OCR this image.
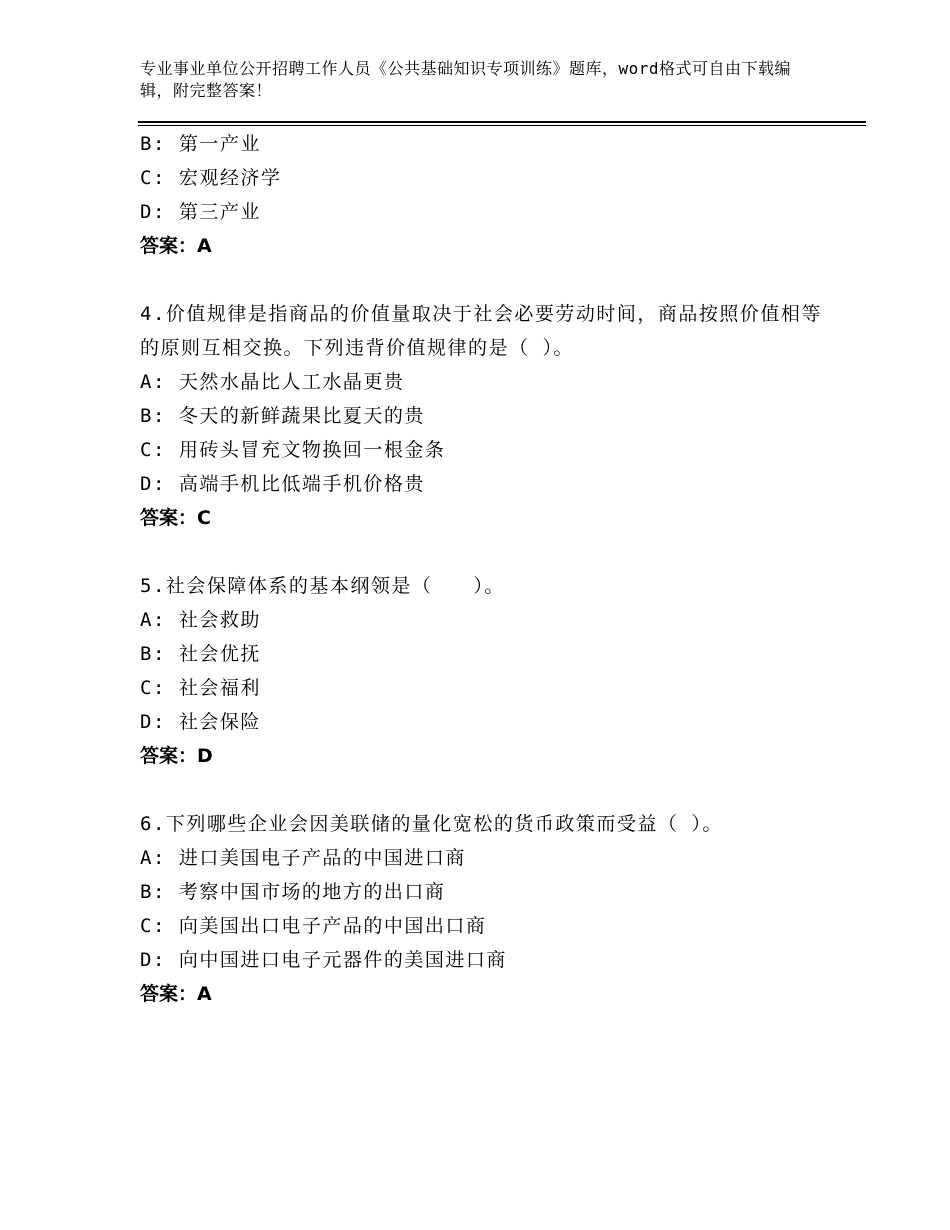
专业事业单位公开招聘工作人员《公共基础知识专项训练》题库，word格式可自由下载编辑，附完整答案！
B: 第一产业
C: 宏观经济学
D: 第三产业
答案：A
4.价值规律是指商品的价值量取决于社会必要劳动时间，商品按照价值相等的原则互相交换。下列违背价值规律的是（ ）。
A: 天然水晶比人工水晶更贵
B: 冬天的新鲜蔬果比夏天的贵
C: 用砖头冒充文物换回一根金条
D: 高端手机比低端手机价格贵
答案：C
5.社会保障体系的基本纲领是（　　）。
A: 社会救助
B: 社会优抚
C: 社会福利
D: 社会保险
答案：D
6.下列哪些企业会因美联储的量化宽松的货币政策而受益（ ）。
A: 进口美国电子产品的中国进口商
B: 考察中国市场的地方的出口商
C: 向美国出口电子产品的中国出口商
D: 向中国进口电子元器件的美国进口商
答案：A
